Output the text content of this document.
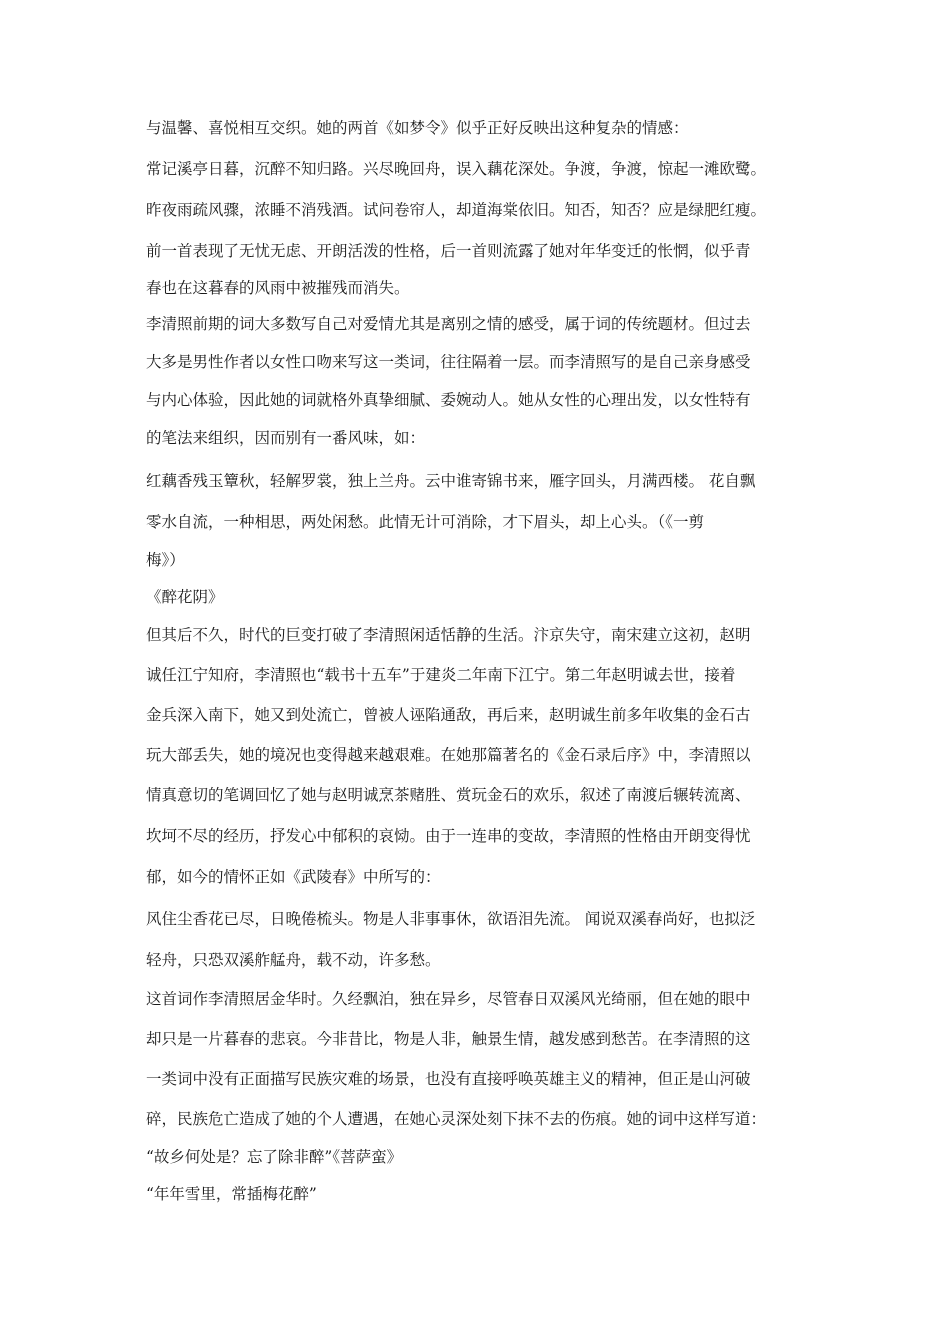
与温馨、喜悦相互交织。她的两首《如梦令》似乎正好反映出这种复杂的情感：
常记溪亭日暮，沉醉不知归路。兴尽晚回舟，误入藕花深处。争渡，争渡，惊起一滩欧鹭。
昨夜雨疏风骤，浓睡不消残酒。试问卷帘人，却道海棠依旧。知否，知否？应是绿肥红瘦。
前一首表现了无忧无虑、开朗活泼的性格，后一首则流露了她对年华变迁的怅惘，似乎青
春也在这暮春的风雨中被摧残而消失。
李清照前期的词大多数写自己对爱情尤其是离别之情的感受，属于词的传统题材。但过去
大多是男性作者以女性口吻来写这一类词，往往隔着一层。而李清照写的是自己亲身感受
与内心体验，因此她的词就格外真挚细腻、委婉动人。她从女性的心理出发，以女性特有
的笔法来组织，因而别有一番风味，如：
红藕香残玉簟秋，轻解罗裳，独上兰舟。云中谁寄锦书来，雁字回头，月满西楼。 花自飘
零水自流，一种相思，两处闲愁。此情无计可消除，才下眉头，却上心头。（《一剪
梅》）
《醉花阴》
但其后不久，时代的巨变打破了李清照闲适恬静的生活。汴京失守，南宋建立这初，赵明
诚任江宁知府，李清照也“载书十五车”于建炎二年南下江宁。第二年赵明诚去世，接着
金兵深入南下，她又到处流亡，曾被人诬陷通敌，再后来，赵明诚生前多年收集的金石古
玩大部丢失，她的境况也变得越来越艰难。在她那篇著名的《金石录后序》中，李清照以
情真意切的笔调回忆了她与赵明诚烹茶赌胜、赏玩金石的欢乐，叙述了南渡后辗转流离、
坎坷不尽的经历，抒发心中郁积的哀恸。由于一连串的变故，李清照的性格由开朗变得忧
郁，如今的情怀正如《武陵春》中所写的：
风住尘香花已尽，日晚倦梳头。物是人非事事休，欲语泪先流。 闻说双溪春尚好，也拟泛
轻舟，只恐双溪舴艋舟，载不动，许多愁。
这首词作李清照居金华时。久经飘泊，独在异乡，尽管春日双溪风光绮丽，但在她的眼中
却只是一片暮春的悲哀。今非昔比，物是人非，触景生情，越发感到愁苦。在李清照的这
一类词中没有正面描写民族灾难的场景，也没有直接呼唤英雄主义的精神，但正是山河破
碎，民族危亡造成了她的个人遭遇，在她心灵深处刻下抹不去的伤痕。她的词中这样写道：
“故乡何处是？忘了除非醉”《菩萨蛮》
“年年雪里，常插梅花醉”
